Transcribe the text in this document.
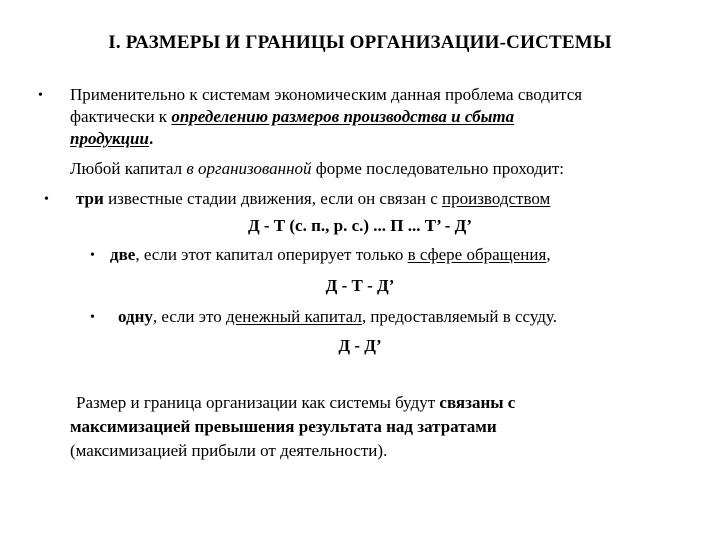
I. РАЗМЕРЫ И ГРАНИЦЫ ОРГАНИЗАЦИИ-СИСТЕМЫ
• Применительно к системам экономическим данная проблема сводится
фактически к определению размеров производства и сбыта
продукции.
Любой капитал в организованной форме последовательно проходит:
• три известные стадии движения, если он связан с производством
Д - Т (с. п., р. с.) ... П ... Т’ - Д’
• две, если этот капитал оперирует только в сфере обращения,
Д - Т - Д’
• одну, если это денежный капитал, предоставляемый в ссуду.
Д - Д’
Размер и граница организации как системы будут связаны с
максимизацией превышения результата над затратами
(максимизацией прибыли от деятельности).
